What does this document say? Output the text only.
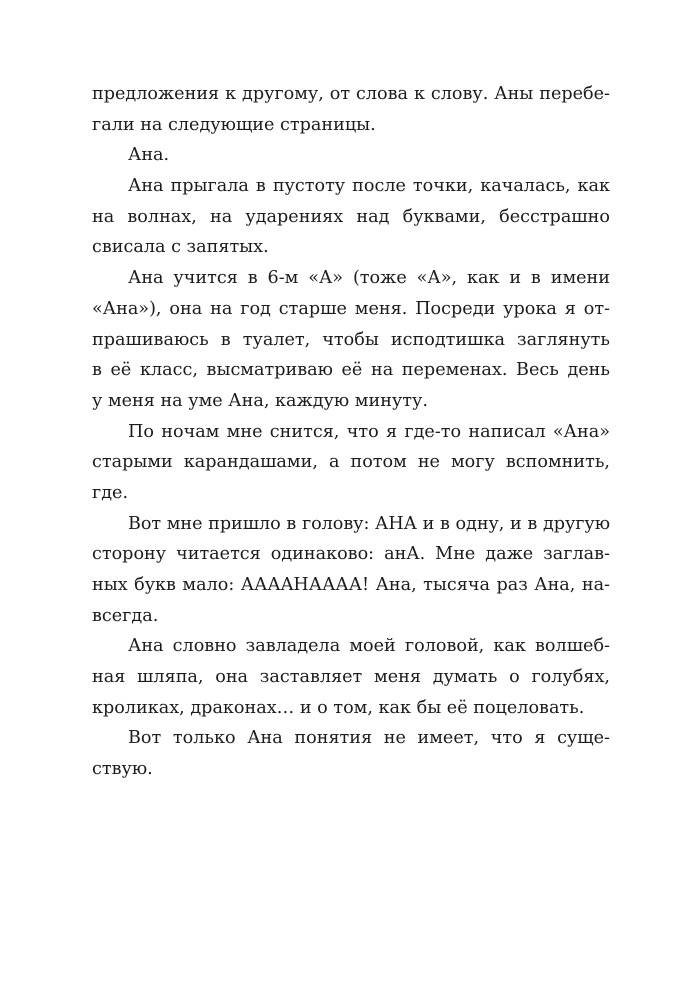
предложения к другому, от слова к слову. Аны перебе-
гали на следующие страницы.
Ана.
Ана прыгала в пустоту после точки, качалась, как
на волнах, на ударениях над буквами, бесстрашно
свисала с запятых.
Ана учится в 6-м «А» (тоже «А», как и в имени
«Ана»), она на год старше меня. Посреди урока я от-
прашиваюсь в туалет, чтобы исподтишка заглянуть
в её класс, высматриваю её на переменах. Весь день
у меня на уме Ана, каждую минуту.
По ночам мне снится, что я где-то написал «Ана»
старыми карандашами, а потом не могу вспомнить,
где.
Вот мне пришло в голову: АНА и в одну, и в другую
сторону читается одинаково: анА. Мне даже заглав-
ных букв мало: АААAНАААА! Ана, тысяча раз Ана, на-
всегда.
Ана словно завладела моей головой, как волшеб-
ная шляпа, она заставляет меня думать о голубях,
кроликах, драконах… и о том, как бы её поцеловать.
Вот только Ана понятия не имеет, что я суще-
ствую.
